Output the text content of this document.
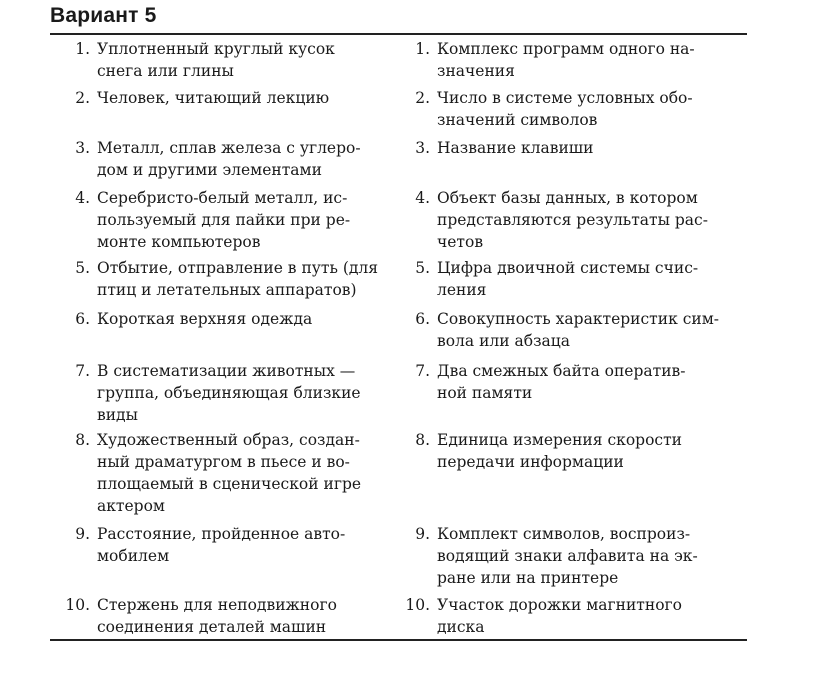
Вариант 5
1. Уплотненный круглый кусок
снега или глины
2. Человек, читающий лекцию
3. Металл, сплав железа с углеро-
дом и другими элементами
4. Серебристо-белый металл, ис-
пользуемый для пайки при ре-
монте компьютеров
5. Отбытие, отправление в путь (для
птиц и летательных аппаратов)
6. Короткая верхняя одежда
7. В систематизации животных —
группа, объединяющая близкие
виды
8. Художественный образ, создан-
ный драматургом в пьесе и во-
площаемый в сценической игре
актером
9. Расстояние, пройденное авто-
мобилем
10. Стержень для неподвижного
соединения деталей машин
1. Комплекс программ одного на-
значения
2. Число в системе условных обо-
значений символов
3. Название клавиши
4. Объект базы данных, в котором
представляются результаты рас-
четов
5. Цифра двоичной системы счис-
ления
6. Совокупность характеристик сим-
вола или абзаца
7. Два смежных байта оператив-
ной памяти
8. Единица измерения скорости
передачи информации
9. Комплект символов, воспроиз-
водящий знаки алфавита на эк-
ране или на принтере
10. Участок дорожки магнитного
диска
